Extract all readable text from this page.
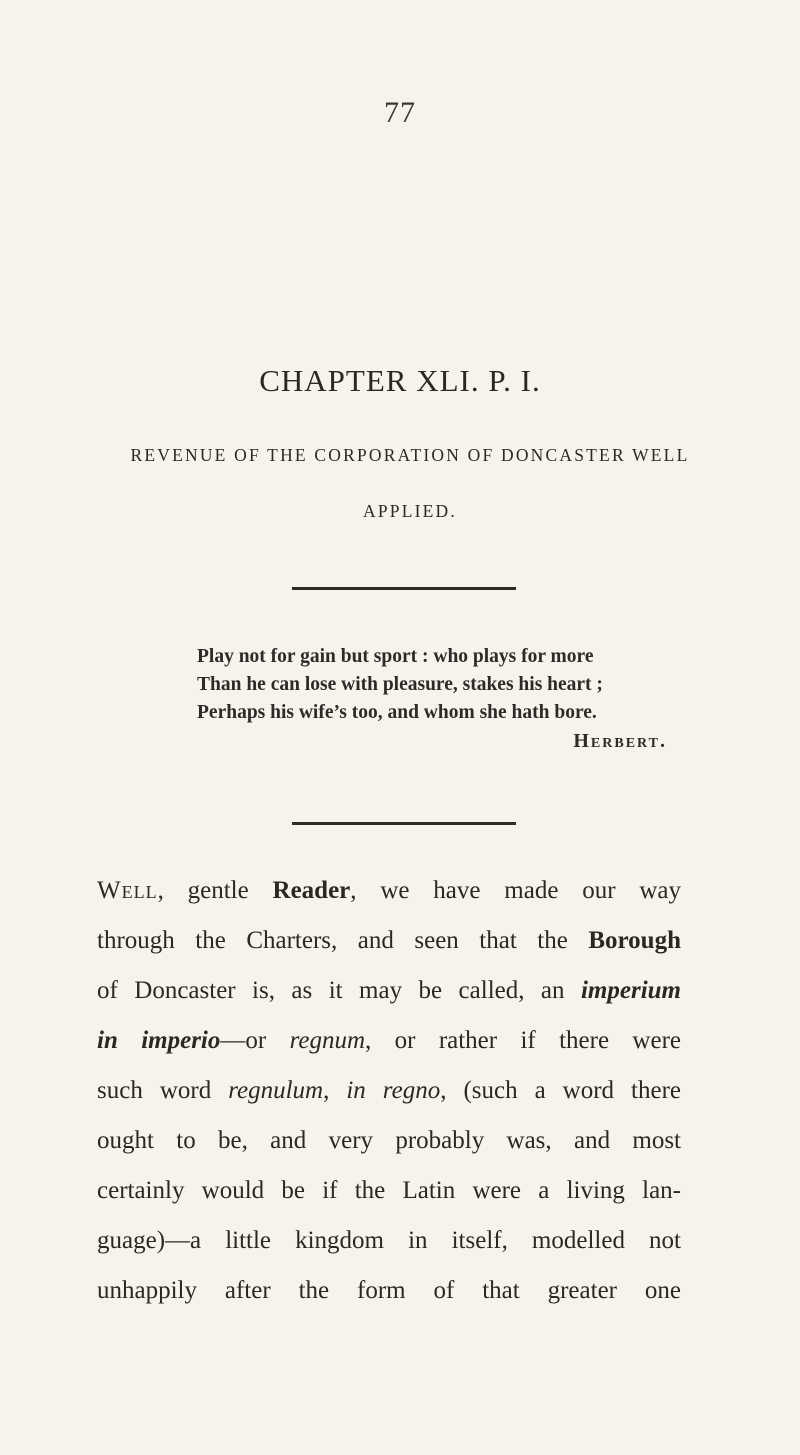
77
CHAPTER XLI. P. I.
REVENUE OF THE CORPORATION OF DONCASTER WELL
APPLIED.
Play not for gain but sport : who plays for more
Than he can lose with pleasure, stakes his heart ;
Perhaps his wife’s too, and whom she hath bore.
Herbert.
Well, gentle Reader, we have made our way
through the Charters, and seen that the Borough
of Doncaster is, as it may be called, an imperium
in imperio—or regnum, or rather if there were
such word regnulum, in regno, (such a word there
ought to be, and very probably was, and most
certainly would be if the Latin were a living lan-
guage)—a little kingdom in itself, modelled not
unhappily after the form of that greater one
